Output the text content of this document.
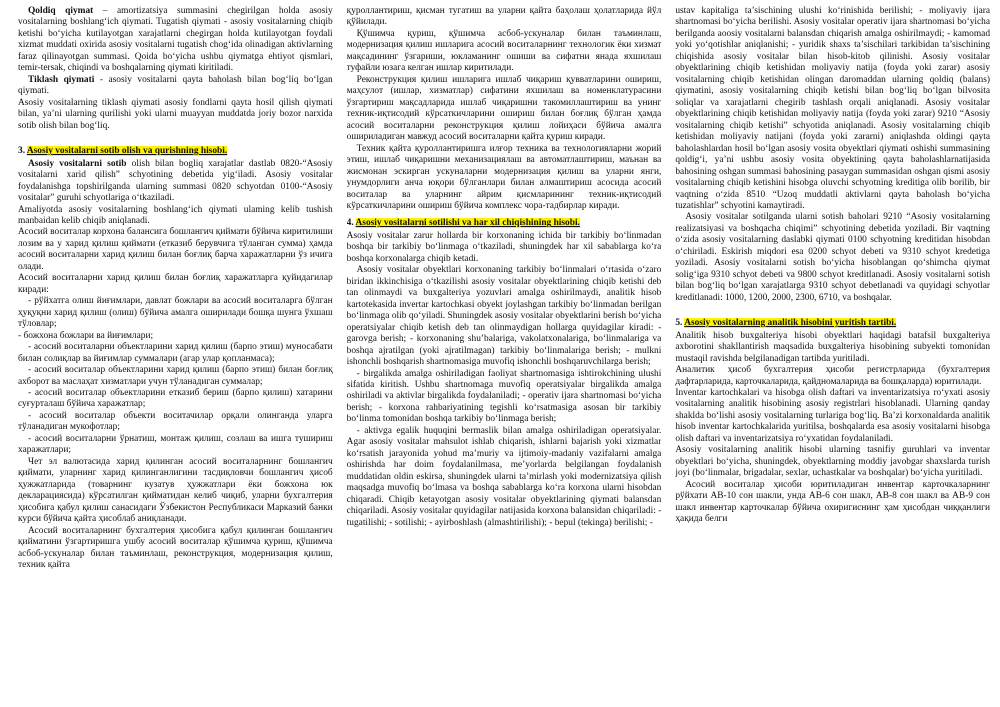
Qoldiq qiymat – amortizatsiya summasini chegirilgan holda asosiy vositalarning boshlang‘ich qiymati. Tugatish qiymati - asosiy vositalarning chiqib ketishi bo‘yicha kutilayotgan xarajatlarni chegirgan holda kutilayotgan foydali xizmat muddati oxirida asosiy vositalarni tugatish chog‘ida olinadigan aktivlarning faraz qilinayotgan summasi. Qoida bo‘yicha ushbu qiymatga ehtiyot qismlari, temir-tersak, chiqindi va boshqalarning qiymati kiritiladi.

Tiklash qiymati - asosiy vositalarni qayta baholash bilan bog‘liq bo‘lgan qiymati.

Asosiy vositalarning tiklash qiymati asosiy fondlarni qayta hosil qilish qiymati bilan, ya’ni ularning qurilishi yoki ularni muayyan muddatda joriy bozor narxida sotib olish bilan bog‘liq.

3. Asosiy vositalarni sotib olish va qurishning hisobi.

Asosiy vositalarni sotib olish bilan bogliq xarajatlar dastlab 0820-“Asosiy vositalarni xarid qilish” schyotining debetida yig‘iladi. Asosiy vositalar foydalanishga topshirilganda ularning summasi 0820 schyotdan 0100-“Asosiy vositalar” guruhi schyotlariga o‘tkaziladi.

Amaliyotda asosiy vositalarning boshlang‘ich qiymati ulaming kelib tushish manbaidan kelib chiqib aniqlanadi.

Асосий воситалар корхона балансига бошлангич қиймати бўйича киритилиши лозим ва у харид қилиш қиймати (етказиб берувчига тўланган сумма) ҳамда асосий воситаларни харид қилиш билан боғлиқ барча харажатларни ўз ичига олади.

Асосий воситаларни харид қилиш билан боғлиқ харажатларга қуйидагилар киради:

- рўйхатга олиш йиғимлари, давлат божлари ва асосий воситаларга бўлган ҳуқуқни харид қилиш (олиш) бўйича амалга оширилади бошқа шунга ўхшаш тўловлар;

- божхона божлари ва йиғимлари;

- асосий воситаларни объектларини харид қилиш (барпо этиш) муносабати билан солиқлар ва йиғимлар суммалари (агар улар қопланмаса);

- асосий воситалар объектларини харид қилиш (барпо этиш) билан боғлиқ ахборот ва маслаҳат хизматлари учун тўланадиган суммалар;

- асосий воситалар объектларини етказиб бериш (барпо қилиш) хатарини суғурталаш бўйича харажатлар;

- асосий воситалар объекти воситачилар орқали олинганда уларга тўланадиган мукофотлар;

- асосий воситаларни ўрнатиш, монтаж қилиш, созлаш ва ишга тушириш харажатлари;

Чет эл валютасида харид қилинган асосий воситаларнинг бошлангич қиймати, уларнинг харид қилинганлигини тасдиқловчи бошлангич ҳисоб ҳужжатларида (товарнинг кузатув ҳужжатлари ёки божхона юк декларациясида) кўрсатилган қийматидан келиб чиқиб, уларни бухгалтерия ҳисобига қабул қилиш санасидаги Ўзбекистон Республикаси Марказий банки курси бўйича қайта ҳисоблаб аниқланади.

Асосий воситаларнинг бухгалтерия ҳисобига қабул қилинган бошлангич қийматини ўзгартиришга ушбу асосий воситалар қўшимча қуриш, қўшимча асбоб-ускуналар билан таъминлаш, реконструкция, модернизация қилиш, техник қайта

қуроллантириш, қисман тугатиш ва уларни қайта баҳолаш ҳолатларида йўл қўйилади.

Қўшимча қуриш, қўшимча асбоб-ускуналар билан таъминлаш, модернизация қилиш ишларига асосий воситаларнинг технологик ёки хизмат мақсадининг ўзгариши, юкламанинг ошиши ва сифатни янада яхшилаш туфайли юзага келган ишлар киритилади.

Реконструкция қилиш ишларига ишлаб чиқариш қувватларини ошириш, маҳсулот (ишлар, хизматлар) сифатини яхшилаш ва номенклатурасини ўзгартириш мақсадларида ишлаб чиқаришни такомиллаштириш ва унинг техник-иқтисодий кўрсаткичларини ошириш билан боғлиқ бўлган ҳамда асосий воситаларни реконструкция қилиш лойиҳаси бўйича амалга ошириладиган мавжуд асосий воситаларни қайта қуриш киради.

Техник қайта қуроллантиришга илғор техника ва технологияларни жорий этиш, ишлаб чиқаришни механизациялаш ва автоматлаштириш, маънан ва жисмонан эскирган ускуналарни модернизация қилиш ва уларни янги, унумдорлиги анча юқори бўлганлари билан алмаштириш асосида асосий воситалар ва уларнинг айрим қисмларининг техник-иқтисодий кўрсаткичларини ошириш бўйича комплекс чора-тадбирлар киради.

4. Asosiy vositalarni sotilishi va har xil chiqishining hisobi.

Asosiy vositalar zarur hollarda bir korxonaning ichida bir tarkibiy bo‘linmadan boshqa bir tarkibiy bo‘linmaga o‘tkaziladi, shuningdek har xil sabablarga ko‘ra boshqa korxonalarga chiqib ketadi.

Asosiy vositalar obyektlari korxonaning tarkibiy bo‘linmalari o‘rtasida o‘zaro biridan ikkinchisiga o‘tkazilishi asosiy vositalar obyektlarining chiqib ketishi deb tan olinmaydi va buxgalteriya yozuvlari amalga oshirilmaydi, analitik hisob kartotekasida invertar kartochkasi obyekt joylashgan tarkibiy bo‘linmadan berilgan bo‘linmaga olib qo‘yiladi. Shuningdek asosiy vositalar obyektlarini berish bo‘yicha operatsiyalar chiqib ketish deb tan olinmaydigan hollarga quyidagilar kiradi: - garovga berish; - korxonaning shu’balariga, vakolatxonalariga, bo‘linmalariga va boshqa ajratilgan (yoki ajratilmagan) tarkibiy bo‘linmalariga berish; - mulkni ishonchli boshqarish shartnomasiga muvofiq ishonchli boshqaruvchilarga berish;

- birgalikda amalga oshiriladigan faoliyat shartnomasiga ishtirokchining ulushi sifatida kiritish. Ushbu shartnomaga muvofiq operatsiyalar birgalikda amalga oshiriladi va aktivlar birgalikda foydalaniladi; - operativ ijara shartnomasi bo‘yicha berish; - korxona rahbariyatining tegishli ko‘rsatmasiga asosan bir tarkibiy bo‘linma tomonidan boshqa tarkibiy bo‘linmaga berish;

- aktivga egalik huquqini bermaslik bilan amalga oshiriladigan operatsiyalar. Agar asosiy vositalar mahsulot ishlab chiqarish, ishlarni bajarish yoki xizmatlar ko‘rsatish jarayonida yohud ma’muriy va ijtimoiy-madaniy vazifalarni amalga oshirishda har doim foydalanilmasa, me’yorlarda belgilangan foydalanish muddatidan oldin eskirsa, shuningdek ularni ta’mirlash yoki modernizatsiya qilish maqsadga muvofiq bo‘lmasa va boshqa sabablarga ko‘ra korxona ularni hisobdan chiqaradi. Chiqib ketayotgan asosiy vositalar obyektlarining qiymati balansdan chiqariladi. Asosiy vositalar quyidagilar natijasida korxona balansidan chiqariladi: - tugatilishi; - sotilishi; - ayirboshlash (almashtirilishi); - bepul (tekinga) berilishi; -

ustav kapitaliga ta’sischining ulushi ko‘rinishida berilishi; - moliyaviy ijara shartnomasi bo‘yicha berilishi. Asosiy vositalar operativ ijara shartnomasi bo‘yicha berilganda aoosiy vositalarni balansdan chiqarish amalga oshirilmaydi; - kamomad yoki yo‘qotishlar aniqlanishi; - yuridik shaxs ta’sischilari tarkibidan ta’sischining chiqishida asosiy vositalar bilan hisob-kitob qilinishi. Asosiy vositalar obyektlarining chiqib ketishidan moliyaviy natija (foyda yoki zarar) asosiy vositalarning chiqib ketishidan olingan daromaddan ularning qoldiq (balans) qiymatini, asosiy vositalarning chiqib ketishi bilan bog‘liq bo‘lgan bilvosita soliqlar va xarajatlarni chegirib tashlash orqali aniqlanadi. Asosiy vositalar obyektlarining chiqib ketishidan moliyaviy natija (foyda yoki zarar) 9210 “Asosiy vositalarning chiqib ketishi” schyotida aniqlanadi. Asosiy vositalarning chiqib ketishidan moliyaviy natijani (foyda yoki zararni) aniqlashda oldingi qayta baholashlardan hosil bo‘lgan asosiy vosita obyektlari qiymati oshishi summasining qoldig‘i, ya’ni ushbu asosiy vosita obyektining qayta baholashlarnatijasida bahosining oshgan summasi bahosining pasaygan summasidan oshgan qismi asosiy vositalarning chiqib ketishini hisobga oluvchi schyotning kreditiga olib borilib, bir vaqtning o‘zida 8510 “Uzoq muddatli aktivlarni qayta baholash bo‘yicha tuzatishlar” schyotini kamaytiradi.

Asosiy vositalar sotilganda ularni sotish baholari 9210 “Asosiy vositalarning realizatsiyasi va boshqacha chiqimi” schyotining debetida yoziladi. Bir vaqtning o‘zida asosiy vositalarning daslabki qiymati 0100 schyotning kreditidan hisobdan o‘chiriladi. Eskirish miqdori esa 0200 schyot debeti va 9310 schyot kredetiga yoziladi. Asosiy vositalarni sotish bo‘yicha hisoblangan qo‘shimcha qiymat solig‘iga 9310 schyot debeti va 9800 schyot kreditlanadi. Asosiy vositalarni sotish bilan bog‘liq bo‘lgan xarajatlarga 9310 schyot debetlanadi va quyidagi schyotlar kreditlanadi: 1000, 1200, 2000, 2300, 6710, va boshqalar.

5. Asosiy vositalarning analitik hisobini yuritish tartibi.

Analitik hisob buxgalteriya hisobi obyektlari haqidagi batafsil buxgalteriya axborotini shakllantirish maqsadida buxgalteriya hisobining subyekti tomonidan mustaqil ravishda belgilanadigan tartibda yuritiladi.

Аналитик ҳисоб бухгалтерия ҳисоби регистрларида (бухгалтерия дафтарларида, карточкаларида, қайдномаларида ва бошқаларда) юритилади.

Inventar kartochkalari va hisobga olish daftari va inventarizatsiya ro‘yxati asosiy vositalarning analitik hisobining asosiy registrlari hisoblanadi. Ularning qanday shaklda bo‘lishi asosiy vositalarning turlariga bog‘liq. Ba’zi korxonaldarda analitik hisob inventar kartochkalarida yuritilsa, boshqalarda esa asosiy vositalarni hisobga olish daftari va inventarizatsiya ro‘yxatidan foydalaniladi.

Asosiy vositalarning analitik hisobi ularning tasnifiy guruhlari va inventar obyektlari bo‘yicha, shuningdek, obyektlarning moddiy javobgar shaxslarda turish joyi (bo‘linmalar, brigadalar, sexlar, uchastkalar va boshqalar) bo‘yicha yuritiladi.

Асосий воситалар ҳисоби юритиладиган инвентар карточкаларнинг рўйхати АВ-10 сон шакли, унда АВ-6 сон шакл, АВ-8 сон шакл ва АВ-9 сон шакл инвентар карточкалар бўйича охиригиснинг ҳам ҳисобдан чиққанлиги ҳақида белги
